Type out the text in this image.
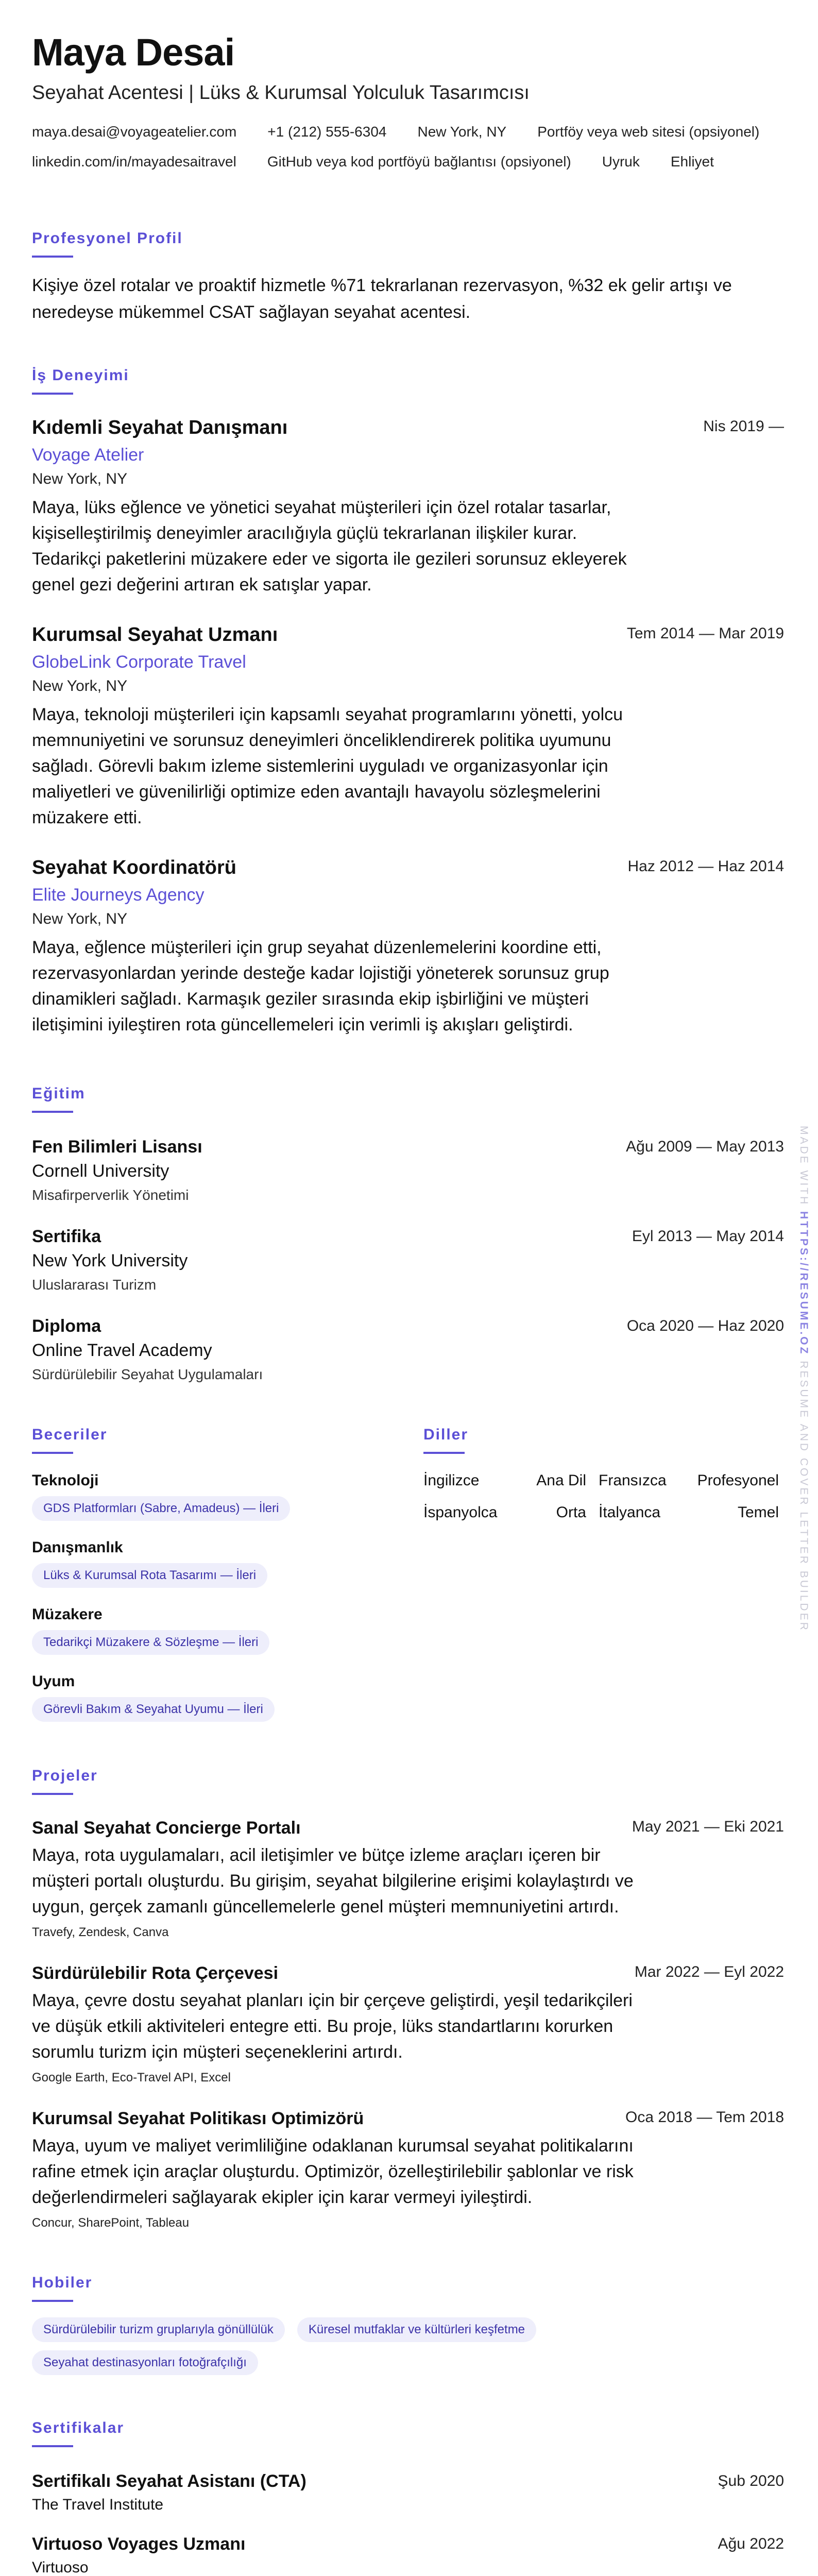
Maya Desai
Seyahat Acentesi | Lüks & Kurumsal Yolculuk Tasarımcısı
maya.desai@voyageatelier.com +1 (212) 555-6304 New York, NY Portföy veya web sitesi (opsiyonel)
linkedin.com/in/mayadesaitravel GitHub veya kod portföyü bağlantısı (opsiyonel) Uyruk Ehliyet
Profesyonel Profil
Kişiye özel rotalar ve proaktif hizmetle %71 tekrarlanan rezervasyon, %32 ek gelir artışı ve neredeyse mükemmel CSAT sağlayan seyahat acentesi.
İş Deneyimi
Kıdemli Seyahat Danışmanı	Nis 2019 —
Voyage Atelier
New York, NY
Maya, lüks eğlence ve yönetici seyahat müşterileri için özel rotalar tasarlar, kişiselleştirilmiş deneyimler aracılığıyla güçlü tekrarlanan ilişkiler kurar. Tedarikçi paketlerini müzakere eder ve sigorta ile gezileri sorunsuz ekleyerek genel gezi değerini artıran ek satışlar yapar.
Kurumsal Seyahat Uzmanı	Tem 2014 — Mar 2019
GlobeLink Corporate Travel
New York, NY
Maya, teknoloji müşterileri için kapsamlı seyahat programlarını yönetti, yolcu memnuniyetini ve sorunsuz deneyimleri önceliklendirerek politika uyumunu sağladı. Görevli bakım izleme sistemlerini uyguladı ve organizasyonlar için maliyetleri ve güvenilirliği optimize eden avantajlı havayolu sözleşmelerini müzakere etti.
Seyahat Koordinatörü	Haz 2012 — Haz 2014
Elite Journeys Agency
New York, NY
Maya, eğlence müşterileri için grup seyahat düzenlemelerini koordine etti, rezervasyonlardan yerinde desteğe kadar lojistiği yöneterek sorunsuz grup dinamikleri sağladı. Karmaşık geziler sırasında ekip işbirliğini ve müşteri iletişimini iyileştiren rota güncellemeleri için verimli iş akışları geliştirdi.
Eğitim
Fen Bilimleri Lisansı	Ağu 2009 — May 2013
Cornell University
Misafirperverlik Yönetimi
Sertifika	Eyl 2013 — May 2014
New York University
Uluslararası Turizm
Diploma	Oca 2020 — Haz 2020
Online Travel Academy
Sürdürülebilir Seyahat Uygulamaları
Beceriler
Teknoloji
GDS Platformları (Sabre, Amadeus) — İleri
Danışmanlık
Lüks & Kurumsal Rota Tasarımı — İleri
Müzakere
Tedarikçi Müzakere & Sözleşme — İleri
Uyum
Görevli Bakım & Seyahat Uyumu — İleri
Diller
İngilizce	Ana Dil Fransızca	Profesyonel
İspanyolca	Orta İtalyanca	Temel
Projeler
Sanal Seyahat Concierge Portalı	May 2021 — Eki 2021
Maya, rota uygulamaları, acil iletişimler ve bütçe izleme araçları içeren bir müşteri portalı oluşturdu. Bu girişim, seyahat bilgilerine erişimi kolaylaştırdı ve uygun, gerçek zamanlı güncellemelerle genel müşteri memnuniyetini artırdı.
Travefy, Zendesk, Canva
Sürdürülebilir Rota Çerçevesi	Mar 2022 — Eyl 2022
Maya, çevre dostu seyahat planları için bir çerçeve geliştirdi, yeşil tedarikçileri ve düşük etkili aktiviteleri entegre etti. Bu proje, lüks standartlarını korurken sorumlu turizm için müşteri seçeneklerini artırdı.
Google Earth, Eco-Travel API, Excel
Kurumsal Seyahat Politikası Optimizörü	Oca 2018 — Tem 2018
Maya, uyum ve maliyet verimliliğine odaklanan kurumsal seyahat politikalarını rafine etmek için araçlar oluşturdu. Optimizör, özelleştirilebilir şablonlar ve risk değerlendirmeleri sağlayarak ekipler için karar vermeyi iyileştirdi.
Concur, SharePoint, Tableau
Hobiler
Sürdürülebilir turizm gruplarıyla gönüllülük	Küresel mutfaklar ve kültürleri keşfetme
Seyahat destinasyonları fotoğrafçılığı
Sertifikalar
Sertifikalı Seyahat Asistanı (CTA)	Şub 2020
The Travel Institute
Virtuoso Voyages Uzmanı	Ağu 2022
Virtuoso
MADE WITH HTTPS://RESUME.OZ RESUME AND COVER LETTER BUILDER
